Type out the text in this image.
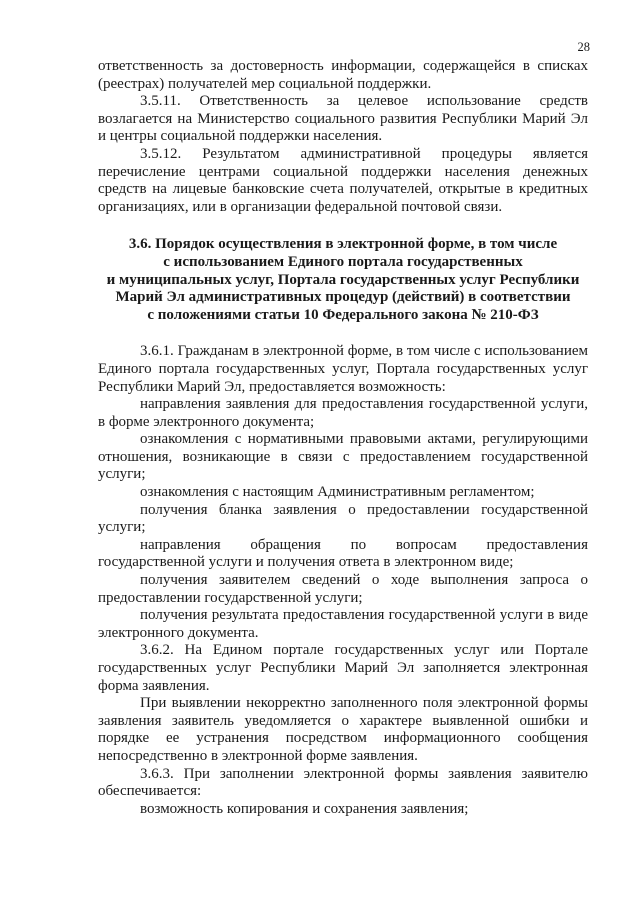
28

ответственность за достоверность информации, содержащейся в списках (реестрах) получателей мер социальной поддержки.

3.5.11. Ответственность за целевое использование средств возлагается на Министерство социального развития Республики Марий Эл и центры социальной поддержки населения.

3.5.12. Результатом административной процедуры является перечисление центрами социальной поддержки населения денежных средств на лицевые банковские счета получателей, открытые в кредитных организациях, или в организации федеральной почтовой связи.

3.6. Порядок осуществления в электронной форме, в том числе
с использованием Единого портала государственных
и муниципальных услуг, Портала государственных услуг Республики
Марий Эл административных процедур (действий) в соответствии
с положениями статьи 10 Федерального закона № 210-ФЗ

3.6.1. Гражданам в электронной форме, в том числе с использованием Единого портала государственных услуг, Портала государственных услуг Республики Марий Эл, предоставляется возможность:

направления заявления для предоставления государственной услуги, в форме электронного документа;

ознакомления с нормативными правовыми актами, регулирующими отношения, возникающие в связи с предоставлением государственной услуги;

ознакомления с настоящим Административным регламентом;

получения бланка заявления о предоставлении государственной услуги;

направления обращения по вопросам предоставления государственной услуги и получения ответа в электронном виде;

получения заявителем сведений о ходе выполнения запроса о предоставлении государственной услуги;

получения результата предоставления государственной услуги в виде электронного документа.

3.6.2. На Едином портале государственных услуг или Портале государственных услуг Республики Марий Эл заполняется электронная форма заявления.

При выявлении некорректно заполненного поля электронной формы заявления заявитель уведомляется о характере выявленной ошибки и порядке ее устранения посредством информационного сообщения непосредственно в электронной форме заявления.

3.6.3. При заполнении электронной формы заявления заявителю обеспечивается:

возможность копирования и сохранения заявления;
